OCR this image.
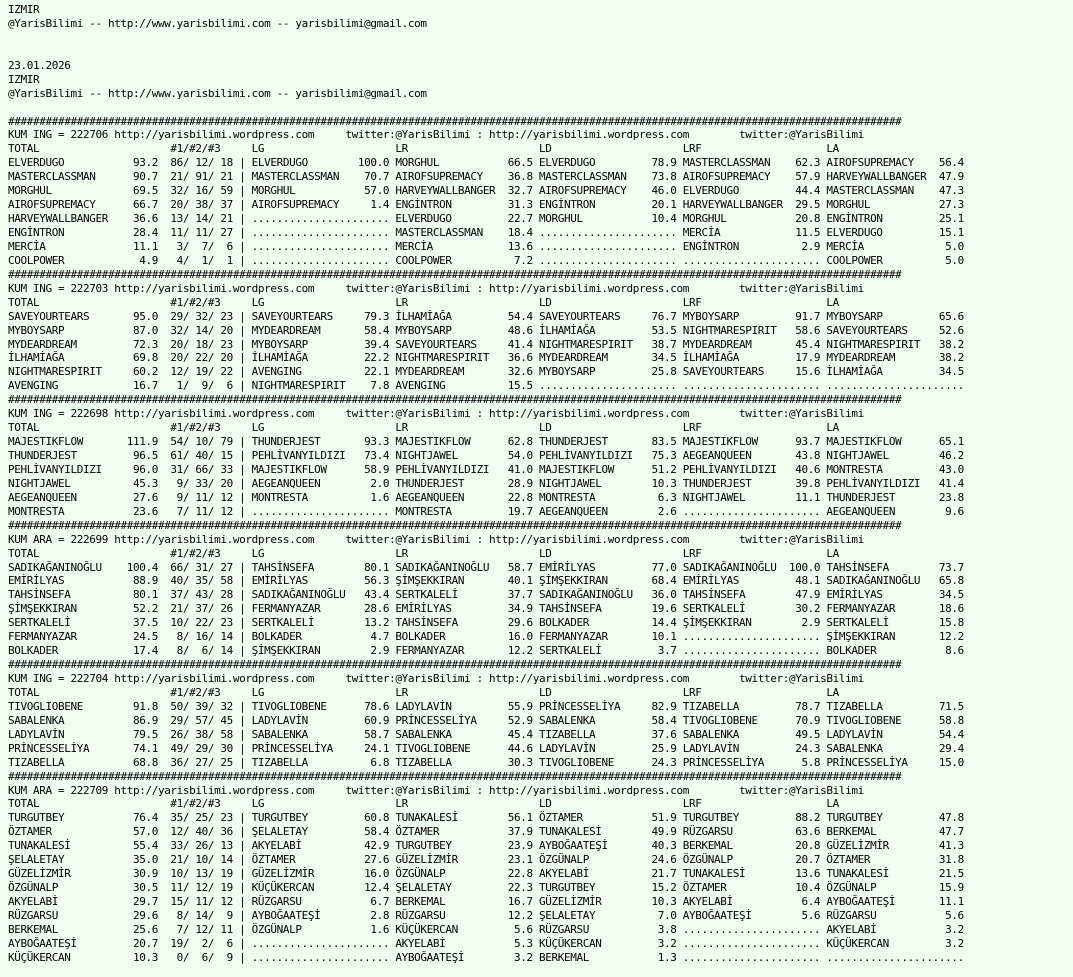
IZMIR
@YarisBilimi -- http://www.yarisbilimi.com -- yarisbilimi@gmail.com

23.01.2026
IZMIR
@YarisBilimi -- http://www.yarisbilimi.com -- yarisbilimi@gmail.com

###############################################################################################################################################
KUM ING = 222706 http://yarisbilimi.wordpress.com     twitter:@YarisBilimi : http://yarisbilimi.wordpress.com        twitter:@YarisBilimi
TOTAL                     #1/#2/#3     LG                     LR                     LD                     LRF                    LA
ELVERDUGO           93.2  86/ 12/ 18 | ELVERDUGO        100.0 MORGHUL           66.5 ELVERDUGO         78.9 MASTERCLASSMAN    62.3 AIROFSUPREMACY    56.4
MASTERCLASSMAN      90.7  21/ 91/ 21 | MASTERCLASSMAN    70.7 AIROFSUPREMACY    36.8 MASTERCLASSMAN    73.8 AIROFSUPREMACY    57.9 HARVEYWALLBANGER  47.9
MORGHUL             69.5  32/ 16/ 59 | MORGHUL           57.0 HARVEYWALLBANGER  32.7 AIROFSUPREMACY    46.0 ELVERDUGO         44.4 MASTERCLASSMAN    47.3
AIROFSUPREMACY      66.7  20/ 38/ 37 | AIROFSUPREMACY     1.4 ENGİNTRON         31.3 ENGİNTRON         20.1 HARVEYWALLBANGER  29.5 MORGHUL           27.3
HARVEYWALLBANGER    36.6  13/ 14/ 21 | ...................... ELVERDUGO         22.7 MORGHUL           10.4 MORGHUL           20.8 ENGİNTRON         25.1
ENGİNTRON           28.4  11/ 11/ 27 | ...................... MASTERCLASSMAN    18.4 ...................... MERCİA            11.5 ELVERDUGO         15.1
MERCİA              11.1   3/  7/  6 | ...................... MERCİA            13.6 ...................... ENGİNTRON          2.9 MERCİA             5.0
COOLPOWER            4.9   4/  1/  1 | ...................... COOLPOWER          7.2 ...................... ...................... COOLPOWER          5.0
###############################################################################################################################################
KUM ING = 222703 http://yarisbilimi.wordpress.com     twitter:@YarisBilimi : http://yarisbilimi.wordpress.com        twitter:@YarisBilimi
TOTAL                     #1/#2/#3     LG                     LR                     LD                     LRF                    LA
SAVEYOURTEARS       95.0  29/ 32/ 23 | SAVEYOURTEARS     79.3 İLHAMİAĞA         54.4 SAVEYOURTEARS     76.7 MYBOYSARP         91.7 MYBOYSARP         65.6
MYBOYSARP           87.0  32/ 14/ 20 | MYDEARDREAM       58.4 MYBOYSARP         48.6 İLHAMİAĞA         53.5 NIGHTMARESPIRIT   58.6 SAVEYOURTEARS     52.6
MYDEARDREAM         72.3  20/ 18/ 23 | MYBOYSARP         39.4 SAVEYOURTEARS     41.4 NIGHTMARESPIRIT   38.7 MYDEARDREAM       45.4 NIGHTMARESPIRIT   38.2
İLHAMİAĞA           69.8  20/ 22/ 20 | İLHAMİAĞA         22.2 NIGHTMARESPIRIT   36.6 MYDEARDREAM       34.5 İLHAMİAĞA         17.9 MYDEARDREAM       38.2
NIGHTMARESPIRIT     60.2  12/ 19/ 22 | AVENGING          22.1 MYDEARDREAM       32.6 MYBOYSARP         25.8 SAVEYOURTEARS     15.6 İLHAMİAĞA         34.5
AVENGING            16.7   1/  9/  6 | NIGHTMARESPIRIT    7.8 AVENGING          15.5 ...................... ...................... ......................
###############################################################################################################################################
KUM ING = 222698 http://yarisbilimi.wordpress.com     twitter:@YarisBilimi : http://yarisbilimi.wordpress.com        twitter:@YarisBilimi
TOTAL                     #1/#2/#3     LG                     LR                     LD                     LRF                    LA
MAJESTIKFLOW       111.9  54/ 10/ 79 | THUNDERJEST       93.3 MAJESTIKFLOW      62.8 THUNDERJEST       83.5 MAJESTIKFLOW      93.7 MAJESTIKFLOW      65.1
THUNDERJEST         96.5  61/ 40/ 15 | PEHLİVANYILDIZI   73.4 NIGHTJAWEL        54.0 PEHLİVANYILDIZI   75.3 AEGEANQUEEN       43.8 NIGHTJAWEL        46.2
PEHLİVANYILDIZI     96.0  31/ 66/ 33 | MAJESTIKFLOW      58.9 PEHLİVANYILDIZI   41.0 MAJESTIKFLOW      51.2 PEHLİVANYILDIZI   40.6 MONTRESTA         43.0
NIGHTJAWEL          45.3   9/ 33/ 20 | AEGEANQUEEN        2.0 THUNDERJEST       28.9 NIGHTJAWEL        10.3 THUNDERJEST       39.8 PEHLİVANYILDIZI   41.4
AEGEANQUEEN         27.6   9/ 11/ 12 | MONTRESTA          1.6 AEGEANQUEEN       22.8 MONTRESTA          6.3 NIGHTJAWEL        11.1 THUNDERJEST       23.8
MONTRESTA           23.6   7/ 11/ 12 | ...................... MONTRESTA         19.7 AEGEANQUEEN        2.6 ...................... AEGEANQUEEN        9.6
###############################################################################################################################################
KUM ARA = 222699 http://yarisbilimi.wordpress.com     twitter:@YarisBilimi : http://yarisbilimi.wordpress.com        twitter:@YarisBilimi
TOTAL                     #1/#2/#3     LG                     LR                     LD                     LRF                    LA
SADIKAĞANINOĞLU    100.4  66/ 31/ 27 | TAHSİNSEFA        80.1 SADIKAĞANINOĞLU   58.7 EMİRİLYAS         77.0 SADIKAĞANINOĞLU  100.0 TAHSİNSEFA        73.7
EMİRİLYAS           88.9  40/ 35/ 58 | EMİRİLYAS         56.3 ŞİMŞEKKIRAN       40.1 ŞİMŞEKKIRAN       68.4 EMİRİLYAS         48.1 SADIKAĞANINOĞLU   65.8
TAHSİNSEFA          80.1  37/ 43/ 28 | SADIKAĞANINOĞLU   43.4 SERTKALELİ        37.7 SADIKAĞANINOĞLU   36.0 TAHSİNSEFA        47.9 EMİRİLYAS         34.5
ŞİMŞEKKIRAN         52.2  21/ 37/ 26 | FERMANYAZAR       28.6 EMİRİLYAS         34.9 TAHSİNSEFA        19.6 SERTKALELİ        30.2 FERMANYAZAR       18.6
SERTKALELİ          37.5  10/ 22/ 23 | SERTKALELİ        13.2 TAHSİNSEFA        29.6 BOLKADER          14.4 ŞİMŞEKKIRAN        2.9 SERTKALELİ        15.8
FERMANYAZAR         24.5   8/ 16/ 14 | BOLKADER           4.7 BOLKADER          16.0 FERMANYAZAR       10.1 ...................... ŞİMŞEKKIRAN       12.2
BOLKADER            17.4   8/  6/ 14 | ŞİMŞEKKIRAN        2.9 FERMANYAZAR       12.2 SERTKALELİ         3.7 ...................... BOLKADER           8.6
###############################################################################################################################################
KUM ING = 222704 http://yarisbilimi.wordpress.com     twitter:@YarisBilimi : http://yarisbilimi.wordpress.com        twitter:@YarisBilimi
TOTAL                     #1/#2/#3     LG                     LR                     LD                     LRF                    LA
TIVOGLIOBENE        91.8  50/ 39/ 32 | TIVOGLIOBENE      78.6 LADYLAVİN         55.9 PRİNCESSELİYA     82.9 TIZABELLA         78.7 TIZABELLA         71.5
SABALENKA           86.9  29/ 57/ 45 | LADYLAVİN         60.9 PRİNCESSELİYA     52.9 SABALENKA         58.4 TIVOGLIOBENE      70.9 TIVOGLIOBENE      58.8
LADYLAVİN           79.5  26/ 38/ 58 | SABALENKA         58.7 SABALENKA         45.4 TIZABELLA         37.6 SABALENKA         49.5 LADYLAVİN         54.4
PRİNCESSELİYA       74.1  49/ 29/ 30 | PRİNCESSELİYA     24.1 TIVOGLIOBENE      44.6 LADYLAVİN         25.9 LADYLAVİN         24.3 SABALENKA         29.4
TIZABELLA           68.8  36/ 27/ 25 | TIZABELLA          6.8 TIZABELLA         30.3 TIVOGLIOBENE      24.3 PRİNCESSELİYA      5.8 PRİNCESSELİYA     15.0
###############################################################################################################################################
KUM ARA = 222709 http://yarisbilimi.wordpress.com     twitter:@YarisBilimi : http://yarisbilimi.wordpress.com        twitter:@YarisBilimi
TOTAL                     #1/#2/#3     LG                     LR                     LD                     LRF                    LA
TURGUTBEY           76.4  35/ 25/ 23 | TURGUTBEY         60.8 TUNAKALESİ        56.1 ÖZTAMER           51.9 TURGUTBEY         88.2 TURGUTBEY         47.8
ÖZTAMER             57.0  12/ 40/ 36 | ŞELALETAY         58.4 ÖZTAMER           37.9 TUNAKALESİ        49.9 RÜZGARSU          63.6 BERKEMAL          47.7
TUNAKALESİ          55.4  33/ 26/ 13 | AKYELABİ          42.9 TURGUTBEY         23.9 AYBOĞAATEŞİ       40.3 BERKEMAL          20.8 GÜZELİZMİR        41.3
ŞELALETAY           35.0  21/ 10/ 14 | ÖZTAMER           27.6 GÜZELİZMİR        23.1 ÖZGÜNALP          24.6 ÖZGÜNALP          20.7 ÖZTAMER           31.8
GÜZELİZMİR          30.9  10/ 13/ 19 | GÜZELİZMİR        16.0 ÖZGÜNALP          22.8 AKYELABİ          21.7 TUNAKALESİ        13.6 TUNAKALESİ        21.5
ÖZGÜNALP            30.5  11/ 12/ 19 | KÜÇÜKERCAN        12.4 ŞELALETAY         22.3 TURGUTBEY         15.2 ÖZTAMER           10.4 ÖZGÜNALP          15.9
AKYELABİ            29.7  15/ 11/ 12 | RÜZGARSU           6.7 BERKEMAL          16.7 GÜZELİZMİR        10.3 AKYELABİ           6.4 AYBOĞAATEŞİ       11.1
RÜZGARSU            29.6   8/ 14/  9 | AYBOĞAATEŞİ        2.8 RÜZGARSU          12.2 ŞELALETAY          7.0 AYBOĞAATEŞİ        5.6 RÜZGARSU           5.6
BERKEMAL            25.6   7/ 12/ 11 | ÖZGÜNALP           1.6 KÜÇÜKERCAN         5.6 RÜZGARSU           3.8 ...................... AKYELABİ           3.2
AYBOĞAATEŞİ         20.7  19/  2/  6 | ...................... AKYELABİ           5.3 KÜÇÜKERCAN         3.2 ...................... KÜÇÜKERCAN         3.2
KÜÇÜKERCAN          10.3   0/  6/  9 | ...................... AYBOĞAATEŞİ        3.2 BERKEMAL           1.3 ...................... ......................
